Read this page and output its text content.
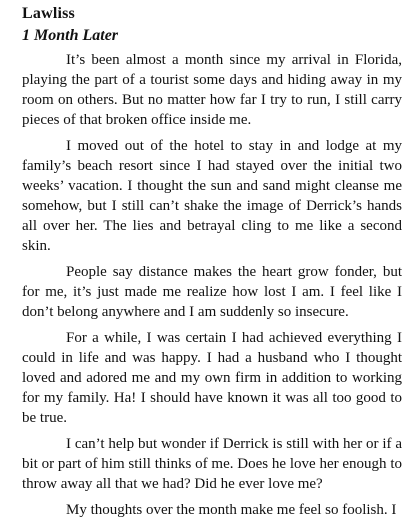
Lawliss
1 Month Later

It’s been almost a month since my arrival in Florida, playing the part of a tourist some days and hiding away in my room on others. But no matter how far I try to run, I still carry pieces of that broken office inside me.

I moved out of the hotel to stay in and lodge at my family’s beach resort since I had stayed over the initial two weeks’ vacation. I thought the sun and sand might cleanse me somehow, but I still can’t shake the image of Derrick’s hands all over her. The lies and betrayal cling to me like a second skin.

People say distance makes the heart grow fonder, but for me, it’s just made me realize how lost I am. I feel like I don’t belong anywhere and I am suddenly so insecure.

For a while, I was certain I had achieved everything I could in life and was happy. I had a husband who I thought loved and adored me and my own firm in addition to working for my family. Ha! I should have known it was all too good to be true.

I can’t help but wonder if Derrick is still with her or if a bit or part of him still thinks of me. Does he love her enough to throw away all that we had? Did he ever love me?

My thoughts over the month make me feel so foolish. I
